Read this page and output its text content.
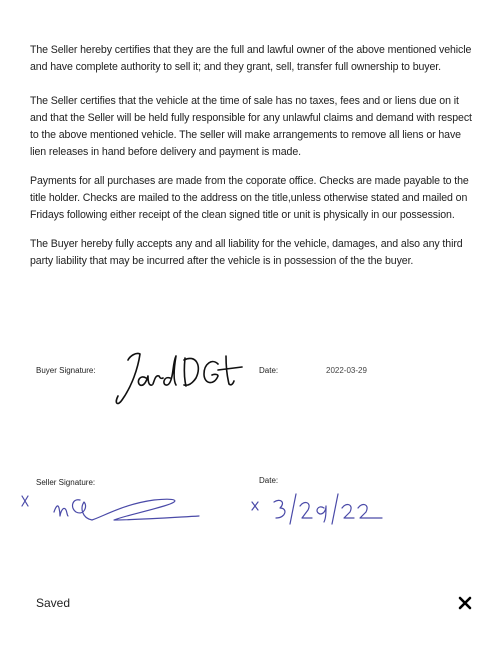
The Seller hereby certifies that they are the full and lawful owner of the above mentioned vehicle and have complete authority to sell it; and they grant, sell, transfer full ownership to buyer.

The Seller certifies that the vehicle at the time of sale has no taxes, fees and or liens due on it and that the Seller will be held fully responsible for any unlawful claims and demand with respect to the above mentioned vehicle. The seller will make arrangements to remove all liens or have lien releases in hand before delivery and payment is made.

Payments for all purchases are made from the coporate office. Checks are made payable to the title holder. Checks are mailed to the address on the title,unless otherwise stated and mailed on Fridays following either receipt of the clean signed title or unit is physically in our possession.

The Buyer hereby fully accepts any and all liability for the vehicle, damages, and also any third party liability that may be incurred after the vehicle is in possession of the the buyer.

Buyer Signature:	Date:	2022-03-29
Seller Signature:	Date:
Saved
